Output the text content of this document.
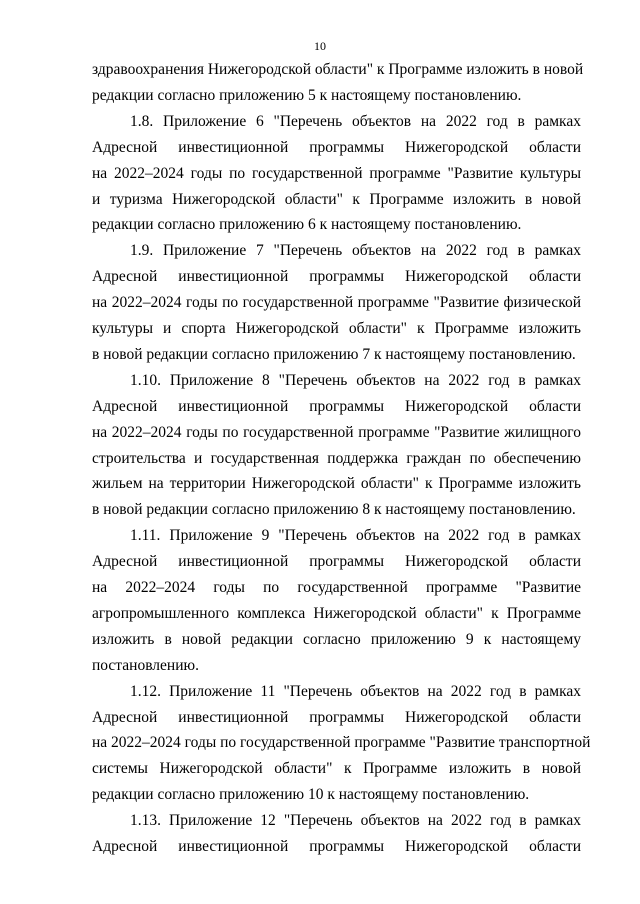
10
здравоохранения Нижегородской области" к Программе изложить в новой
редакции согласно приложению 5 к настоящему постановлению.
1.8. Приложение 6 "Перечень объектов на 2022 год в рамках
Адресной инвестиционной программы Нижегородской области
на 2022–2024 годы по государственной программе "Развитие культуры
и туризма Нижегородской области" к Программе изложить в новой
редакции согласно приложению 6 к настоящему постановлению.
1.9. Приложение 7 "Перечень объектов на 2022 год в рамках
Адресной инвестиционной программы Нижегородской области
на 2022–2024 годы по государственной программе "Развитие физической
культуры и спорта Нижегородской области" к Программе изложить
в новой редакции согласно приложению 7 к настоящему постановлению.
1.10. Приложение 8 "Перечень объектов на 2022 год в рамках
Адресной инвестиционной программы Нижегородской области
на 2022–2024 годы по государственной программе "Развитие жилищного
строительства и государственная поддержка граждан по обеспечению
жильем на территории Нижегородской области" к Программе изложить
в новой редакции согласно приложению 8 к настоящему постановлению.
1.11. Приложение 9 "Перечень объектов на 2022 год в рамках
Адресной инвестиционной программы Нижегородской области
на 2022–2024 годы по государственной программе "Развитие
агропромышленного комплекса Нижегородской области" к Программе
изложить в новой редакции согласно приложению 9 к настоящему
постановлению.
1.12. Приложение 11 "Перечень объектов на 2022 год в рамках
Адресной инвестиционной программы Нижегородской области
на 2022–2024 годы по государственной программе "Развитие транспортной
системы Нижегородской области" к Программе изложить в новой
редакции согласно приложению 10 к настоящему постановлению.
1.13. Приложение 12 "Перечень объектов на 2022 год в рамках
Адресной инвестиционной программы Нижегородской области
